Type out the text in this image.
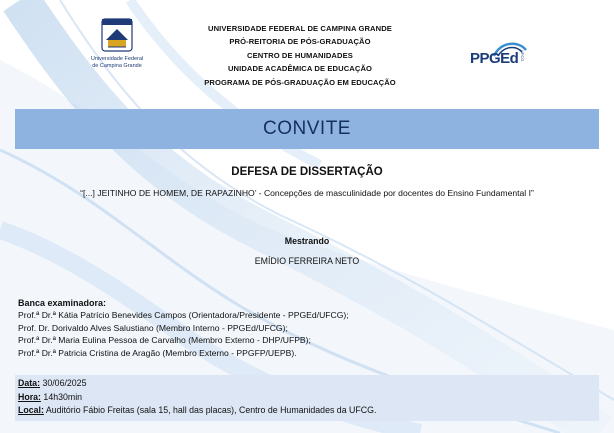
Universidade Federal
de Campina Grande
UNIVERSIDADE FEDERAL DE CAMPINA GRANDE
PRÓ-REITORIA DE PÓS-GRADUAÇÃO
CENTRO DE HUMANIDADES
UNIDADE ACADÊMICA DE EDUCAÇÃO
PROGRAMA DE PÓS-GRADUAÇÃO EM EDUCAÇÃO
PPGEd UFCG
CONVITE
DEFESA DE DISSERTAÇÃO
“[...] JEITINHO DE HOMEM, DE RAPAZINHO’ - Concepções de masculinidade por docentes do Ensino Fundamental I”
Mestrando
EMÍDIO FERREIRA NETO
Banca examinadora:
Prof.ª Dr.ª Kátia Patrício Benevides Campos (Orientadora/Presidente - PPGEd/UFCG);
Prof. Dr. Dorivaldo Alves Salustiano (Membro Interno - PPGEd/UFCG);
Prof.ª Dr.ª Maria Eulina Pessoa de Carvalho (Membro Externo - DHP/UFPB);
Prof.ª Dr.ª Patricia Cristina de Aragão (Membro Externo - PPGFP/UEPB).
Data: 30/06/2025
Hora: 14h30min
Local: Auditório Fábio Freitas (sala 15, hall das placas), Centro de Humanidades da UFCG.
